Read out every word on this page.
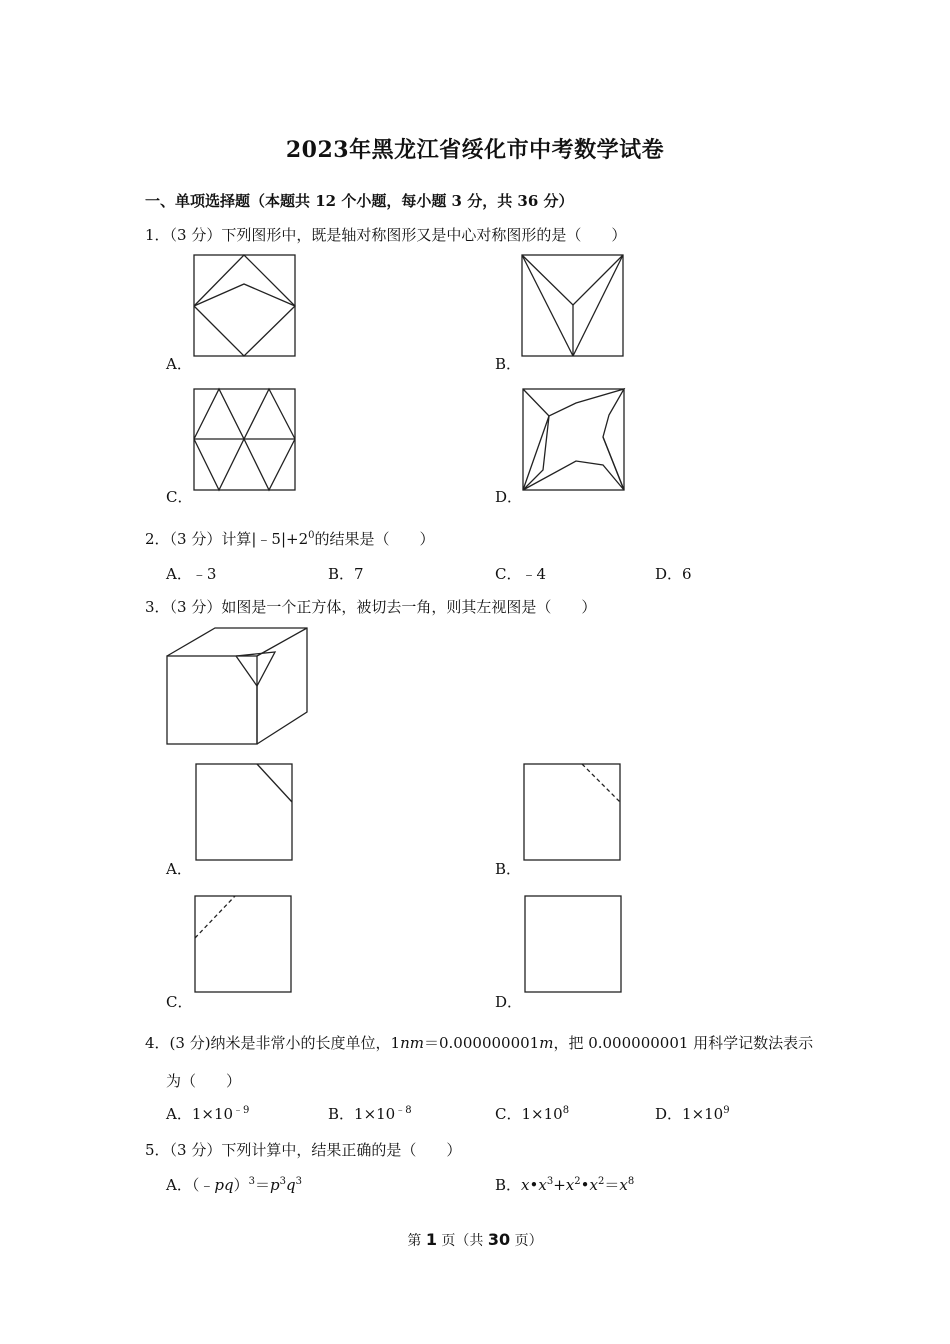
2023年黑龙江省绥化市中考数学试卷
一、单项选择题（本题共 12 个小题，每小题 3 分，共 36 分）
1．（3 分）下列图形中，既是轴对称图形又是中心对称图形的是（　　）
A．	B．
C．	D．
2．（3 分）计算$|﹣5|+2^0$的结果是（　　）
A．﹣3	B．7	C．﹣4	D．6
3．（3 分）如图是一个正方体，被切去一角，则其左视图是（　　）
A．	B．
C．	D．
4．(3 分)纳米是非常小的长度单位，1nm＝0.000000001m，把 0.000000001 用科学记数法表示
为（　　）
A．$1\times 10^{﹣9}$	B．$1\times 10^{﹣8}$	C．$1\times 10^8$	D．$1\times 10^9$
5．（3 分）下列计算中，结果正确的是（　　）
A．$(﹣pq)^3=p^3q^3$	B．$x•x^3+x^2•x^2=x^8$
第 1 页（共 30 页）
